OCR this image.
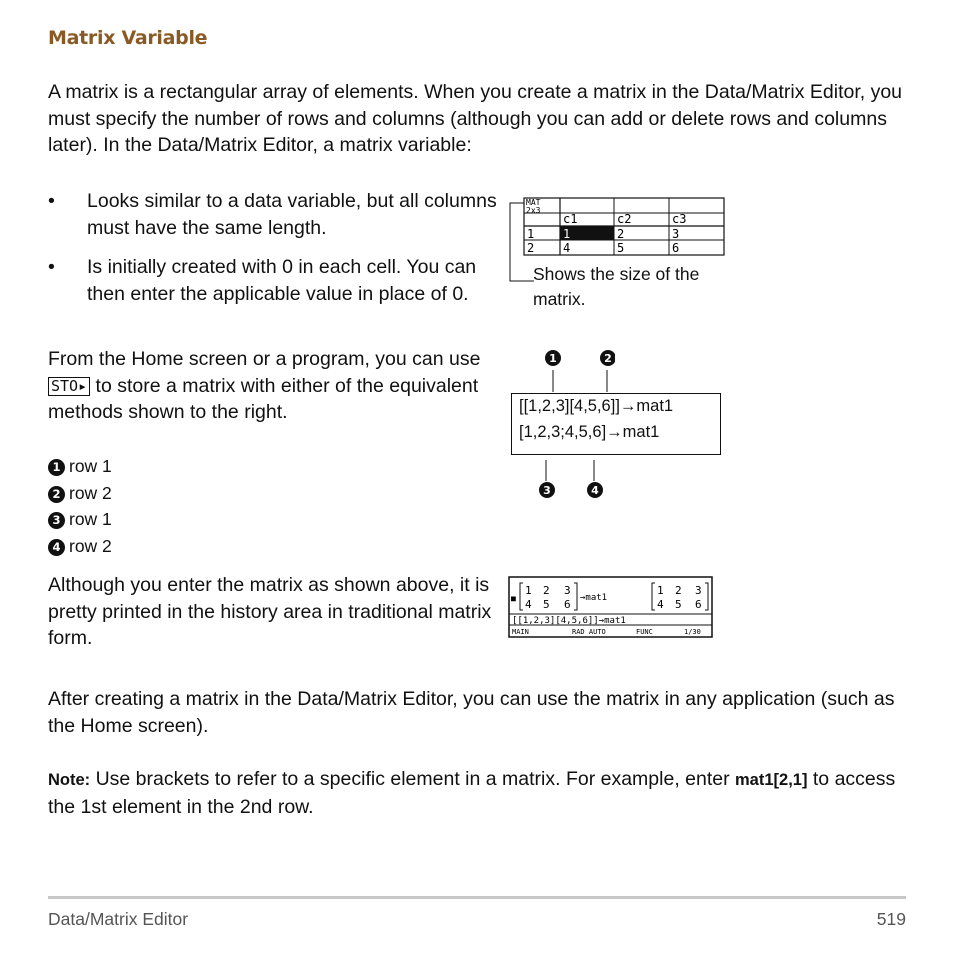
Matrix Variable
A matrix is a rectangular array of elements. When you create a matrix in the Data/Matrix Editor, you must specify the number of rows and columns (although you can add or delete rows and columns later). In the Data/Matrix Editor, a matrix variable:
• Looks similar to a data variable, but all columns must have the same length.
• Is initially created with 0 in each cell. You can then enter the applicable value in place of 0.
From the Home screen or a program, you can use STO▸ to store a matrix with either of the equivalent methods shown to the right.
1 row 1
2 row 2
3 row 1
4 row 2
Although you enter the matrix as shown above, it is pretty printed in the history area in traditional matrix form.
After creating a matrix in the Data/Matrix Editor, you can use the matrix in any application (such as the Home screen).
Note: Use brackets to refer to a specific element in a matrix. For example, enter mat1[2,1] to access the 1st element in the 2nd row.
MAT
2x3
c1	c2	c3
1 1	2	3
2 4	5	6
Shows the size of the matrix.
1	2
3	4
[[1,2,3][4,5,6]]→mat1
[1,2,3;4,5,6]→mat1
■
1 2 3
4 5 6 →mat1
1 2 3
4 5 6
[[1,2,3][4,5,6]]→mat1
MAIN	RAD AUTO	FUNC	1/30
Data/Matrix Editor	519
